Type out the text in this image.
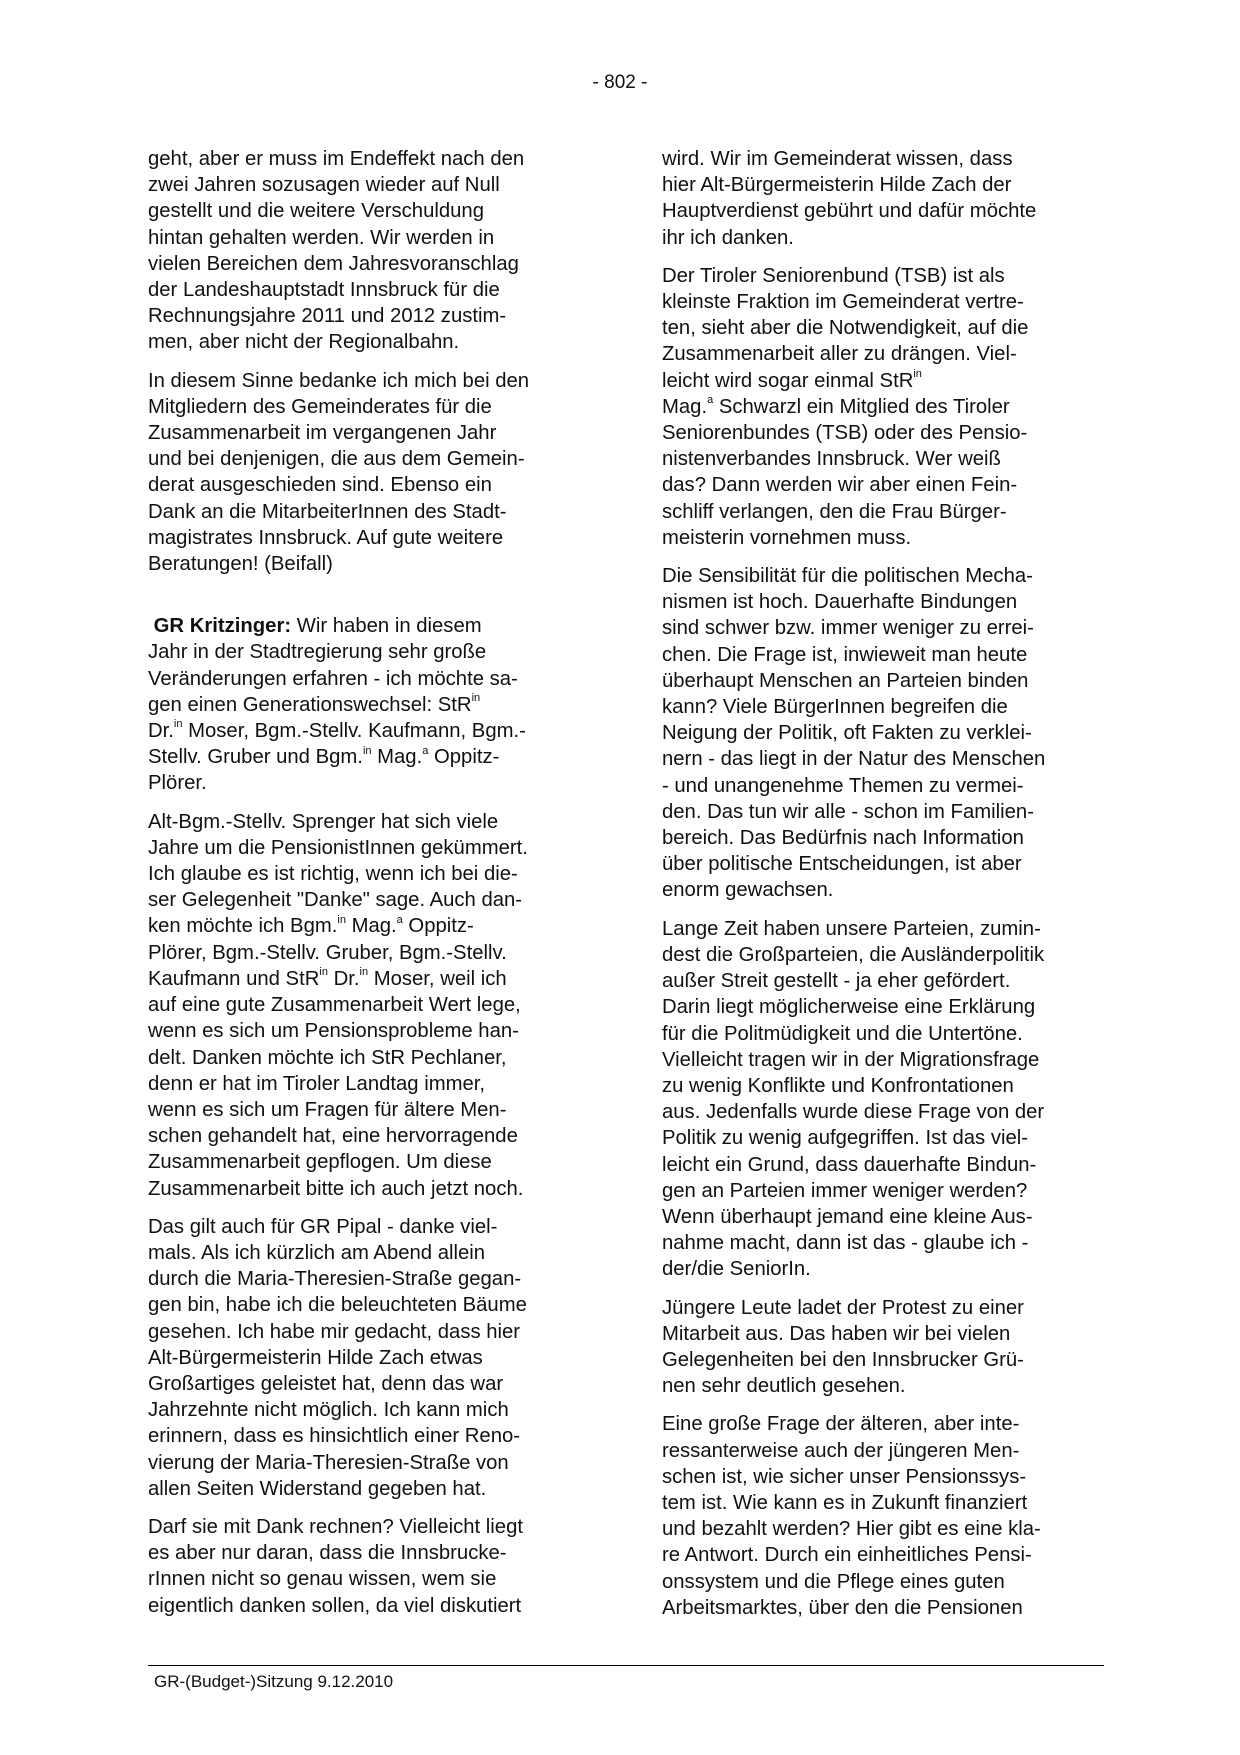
- 802 -

geht, aber er muss im Endeffekt nach den
zwei Jahren sozusagen wieder auf Null
gestellt und die weitere Verschuldung
hintan gehalten werden. Wir werden in
vielen Bereichen dem Jahresvoranschlag
der Landeshauptstadt Innsbruck für die
Rechnungsjahre 2011 und 2012 zustim-
men, aber nicht der Regionalbahn.

In diesem Sinne bedanke ich mich bei den
Mitgliedern des Gemeinderates für die
Zusammenarbeit im vergangenen Jahr
und bei denjenigen, die aus dem Gemein-
derat ausgeschieden sind. Ebenso ein
Dank an die MitarbeiterInnen des Stadt-
magistrates Innsbruck. Auf gute weitere
Beratungen! (Beifall)

GR Kritzinger: Wir haben in diesem
Jahr in der Stadtregierung sehr große
Veränderungen erfahren - ich möchte sa-
gen einen Generationswechsel: StR$^{in}$
Dr.$^{in}$ Moser, Bgm.-Stellv. Kaufmann, Bgm.-
Stellv. Gruber und Bgm.$^{in}$ Mag.$^a$ Oppitz-
Plörer.

Alt-Bgm.-Stellv. Sprenger hat sich viele
Jahre um die PensionistInnen gekümmert.
Ich glaube es ist richtig, wenn ich bei die-
ser Gelegenheit "Danke" sage. Auch dan-
ken möchte ich Bgm.$^{in}$ Mag.$^a$ Oppitz-
Plörer, Bgm.-Stellv. Gruber, Bgm.-Stellv.
Kaufmann und StR$^{in}$ Dr.$^{in}$ Moser, weil ich
auf eine gute Zusammenarbeit Wert lege,
wenn es sich um Pensionsprobleme han-
delt. Danken möchte ich StR Pechlaner,
denn er hat im Tiroler Landtag immer,
wenn es sich um Fragen für ältere Men-
schen gehandelt hat, eine hervorragende
Zusammenarbeit gepflogen. Um diese
Zusammenarbeit bitte ich auch jetzt noch.

Das gilt auch für GR Pipal - danke viel-
mals. Als ich kürzlich am Abend allein
durch die Maria-Theresien-Straße gegan-
gen bin, habe ich die beleuchteten Bäume
gesehen. Ich habe mir gedacht, dass hier
Alt-Bürgermeisterin Hilde Zach etwas
Großartiges geleistet hat, denn das war
Jahrzehnte nicht möglich. Ich kann mich
erinnern, dass es hinsichtlich einer Reno-
vierung der Maria-Theresien-Straße von
allen Seiten Widerstand gegeben hat.

Darf sie mit Dank rechnen? Vielleicht liegt
es aber nur daran, dass die Innsbrucke-
rInnen nicht so genau wissen, wem sie
eigentlich danken sollen, da viel diskutiert

wird. Wir im Gemeinderat wissen, dass
hier Alt-Bürgermeisterin Hilde Zach der
Hauptverdienst gebührt und dafür möchte
ihr ich danken.

Der Tiroler Seniorenbund (TSB) ist als
kleinste Fraktion im Gemeinderat vertre-
ten, sieht aber die Notwendigkeit, auf die
Zusammenarbeit aller zu drängen. Viel-
leicht wird sogar einmal StR$^{in}$
Mag.$^a$ Schwarzl ein Mitglied des Tiroler
Seniorenbundes (TSB) oder des Pensio-
nistenverbandes Innsbruck. Wer weiß
das? Dann werden wir aber einen Fein-
schliff verlangen, den die Frau Bürger-
meisterin vornehmen muss.

Die Sensibilität für die politischen Mecha-
nismen ist hoch. Dauerhafte Bindungen
sind schwer bzw. immer weniger zu errei-
chen. Die Frage ist, inwieweit man heute
überhaupt Menschen an Parteien binden
kann? Viele BürgerInnen begreifen die
Neigung der Politik, oft Fakten zu verklei-
nern - das liegt in der Natur des Menschen
- und unangenehme Themen zu vermei-
den. Das tun wir alle - schon im Familien-
bereich. Das Bedürfnis nach Information
über politische Entscheidungen, ist aber
enorm gewachsen.

Lange Zeit haben unsere Parteien, zumin-
dest die Großparteien, die Ausländerpolitik
außer Streit gestellt - ja eher gefördert.
Darin liegt möglicherweise eine Erklärung
für die Politmüdigkeit und die Untertöne.
Vielleicht tragen wir in der Migrationsfrage
zu wenig Konflikte und Konfrontationen
aus. Jedenfalls wurde diese Frage von der
Politik zu wenig aufgegriffen. Ist das viel-
leicht ein Grund, dass dauerhafte Bindun-
gen an Parteien immer weniger werden?
Wenn überhaupt jemand eine kleine Aus-
nahme macht, dann ist das - glaube ich -
der/die SeniorIn.

Jüngere Leute ladet der Protest zu einer
Mitarbeit aus. Das haben wir bei vielen
Gelegenheiten bei den Innsbrucker Grü-
nen sehr deutlich gesehen.

Eine große Frage der älteren, aber inte-
ressanterweise auch der jüngeren Men-
schen ist, wie sicher unser Pensionssys-
tem ist. Wie kann es in Zukunft finanziert
und bezahlt werden? Hier gibt es eine kla-
re Antwort. Durch ein einheitliches Pensi-
onssystem und die Pflege eines guten
Arbeitsmarktes, über den die Pensionen

GR-(Budget-)Sitzung 9.12.2010
